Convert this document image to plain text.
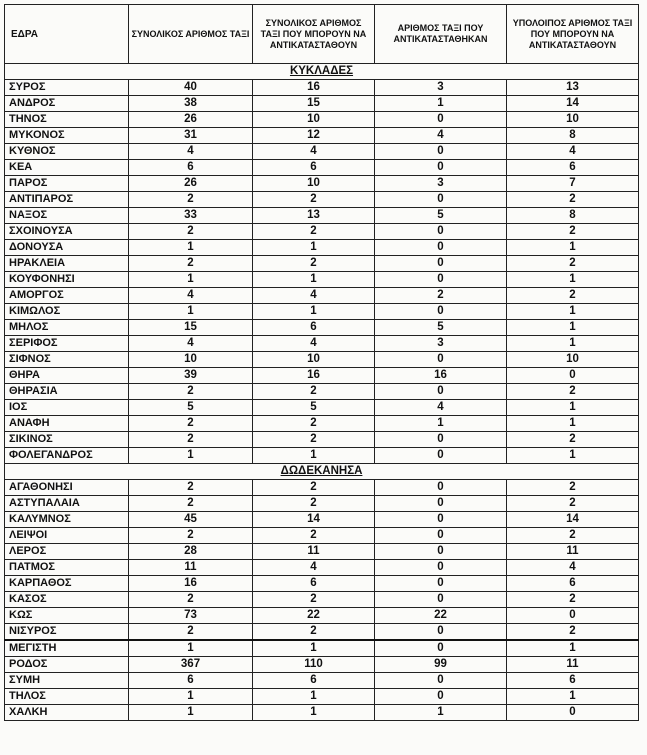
ΕΔΡΑ	ΣΥΝΟΛΙΚΟΣ ΑΡΙΘΜΟΣ ΤΑΞΙ	ΣΥΝΟΛΙΚΟΣ ΑΡΙΘΜΟΣ ΤΑΞΙ ΠΟΥ ΜΠΟΡΟΥΝ ΝΑ ΑΝΤΙΚΑΤΑΣΤΑΘΟΥΝ	ΑΡΙΘΜΟΣ ΤΑΞΙ ΠΟΥ ΑΝΤΙΚΑΤΑΣΤΑΘΗΚΑΝ	ΥΠΟΛΟΙΠΟΣ ΑΡΙΘΜΟΣ ΤΑΞΙ ΠΟΥ ΜΠΟΡΟΥΝ ΝΑ ΑΝΤΙΚΑΤΑΣΤΑΘΟΥΝ
ΚΥΚΛΑΔΕΣ				
ΣΥΡΟΣ	40	16	3	13
ΑΝΔΡΟΣ	38	15	1	14
ΤΗΝΟΣ	26	10	0	10
ΜΥΚΟΝΟΣ	31	12	4	8
ΚΥΘΝΟΣ	4	4	0	4
ΚΕΑ	6	6	0	6
ΠΑΡΟΣ	26	10	3	7
ΑΝΤΙΠΑΡΟΣ	2	2	0	2
ΝΑΞΟΣ	33	13	5	8
ΣΧΟΙΝΟΥΣΑ	2	2	0	2
ΔΟΝΟΥΣΑ	1	1	0	1
ΗΡΑΚΛΕΙΑ	2	2	0	2
ΚΟΥΦΟΝΗΣΙ	1	1	0	1
ΑΜΟΡΓΟΣ	4	4	2	2
ΚΙΜΩΛΟΣ	1	1	0	1
ΜΗΛΟΣ	15	6	5	1
ΣΕΡΙΦΟΣ	4	4	3	1
ΣΙΦΝΟΣ	10	10	0	10
ΘΗΡΑ	39	16	16	0
ΘΗΡΑΣΙΑ	2	2	0	2
ΙΟΣ	5	5	4	1
ΑΝΑΦΗ	2	2	1	1
ΣΙΚΙΝΟΣ	2	2	0	2
ΦΟΛΕΓΑΝΔΡΟΣ	1	1	0	1
ΔΩΔΕΚΑΝΗΣΑ				
ΑΓΑΘΟΝΗΣΙ	2	2	0	2
ΑΣΤΥΠΑΛΑΙΑ	2	2	0	2
ΚΑΛΥΜΝΟΣ	45	14	0	14
ΛΕΙΨΟΙ	2	2	0	2
ΛΕΡΟΣ	28	11	0	11
ΠΑΤΜΟΣ	11	4	0	4
ΚΑΡΠΑΘΟΣ	16	6	0	6
ΚΑΣΟΣ	2	2	0	2
ΚΩΣ	73	22	22	0
ΝΙΣΥΡΟΣ	2	2	0	2
ΜΕΓΙΣΤΗ	1	1	0	1
ΡΟΔΟΣ	367	110	99	11
ΣΥΜΗ	6	6	0	6
ΤΗΛΟΣ	1	1	0	1
ΧΑΛΚΗ	1	1	1	0
